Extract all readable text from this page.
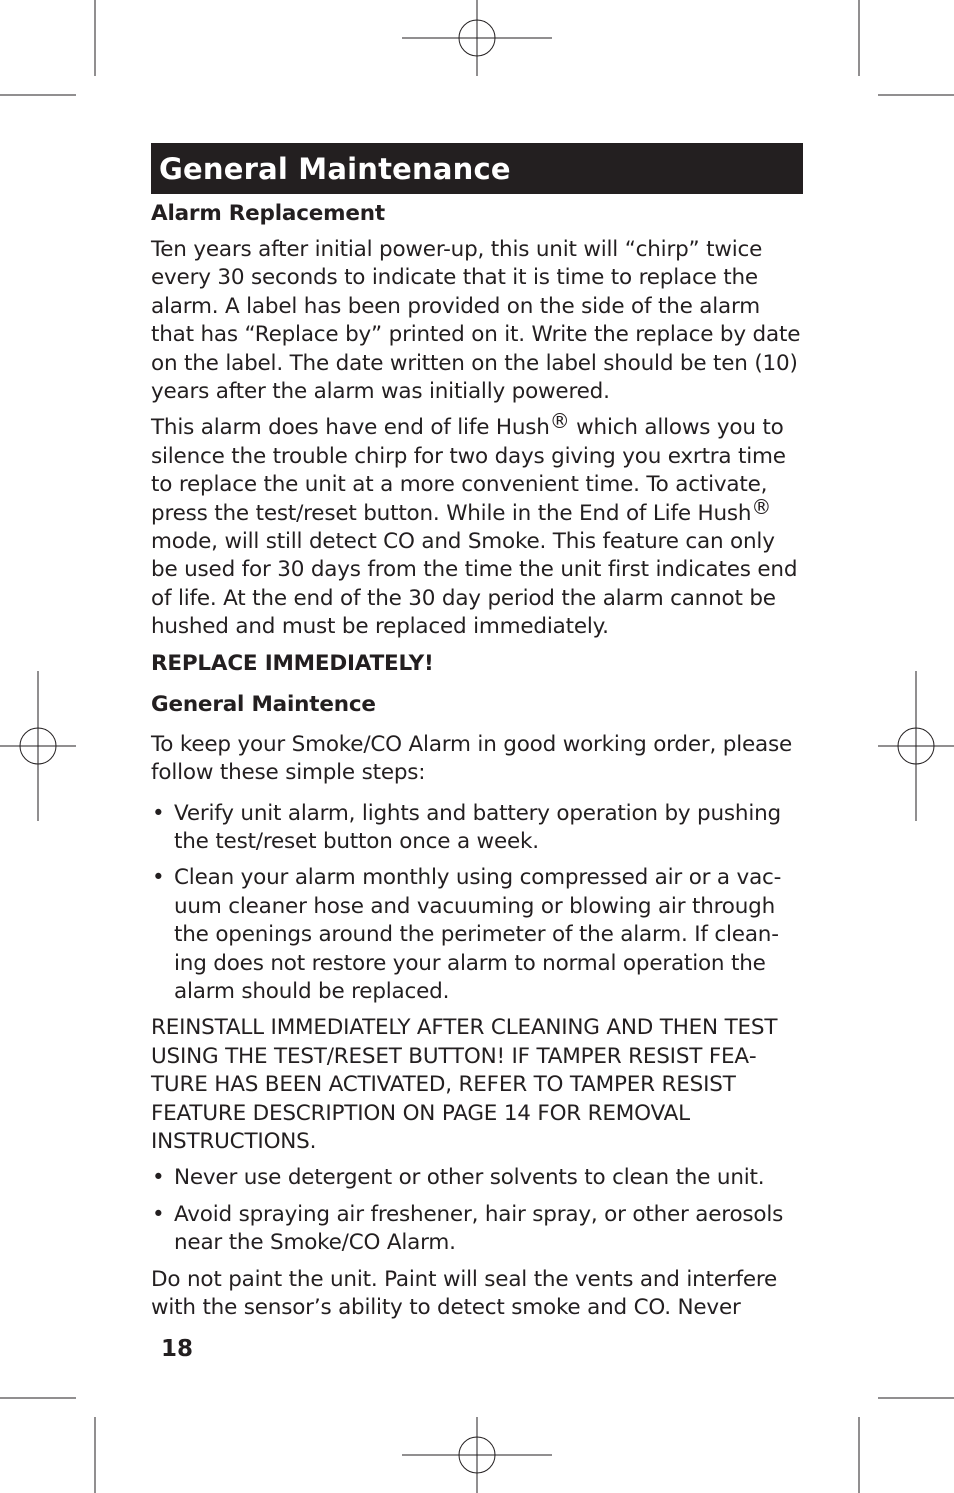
General Maintenance
Alarm Replacement

Ten years after initial power-up, this unit will “chirp” twice every 30 seconds to indicate that it is time to replace the alarm. A label has been provided on the side of the alarm that has “Replace by” printed on it. Write the replace by date on the label. The date written on the label should be ten (10) years after the alarm was initially powered.

This alarm does have end of life Hush® which allows you to silence the trouble chirp for two days giving you exrtra time to replace the unit at a more convenient time. To activate, press the test/reset button. While in the End of Life Hush® mode, will still detect CO and Smoke. This feature can only be used for 30 days from the time the unit first indicates end of life. At the end of the 30 day period the alarm cannot be hushed and must be replaced immediately.

REPLACE IMMEDIATELY!
General Maintence

To keep your Smoke/CO Alarm in good working order, please follow these simple steps:

• Verify unit alarm, lights and battery operation by pushing the test/reset button once a week.
• Clean your alarm monthly using compressed air or a vacuum cleaner hose and vacuuming or blowing air through the openings around the perimeter of the alarm. If cleaning does not restore your alarm to normal operation the alarm should be replaced.

REINSTALL IMMEDIATELY AFTER CLEANING AND THEN TEST USING THE TEST/RESET BUTTON! IF TAMPER RESIST FEATURE HAS BEEN ACTIVATED, REFER TO TAMPER RESIST FEATURE DESCRIPTION ON PAGE 14 FOR REMOVAL INSTRUCTIONS.

• Never use detergent or other solvents to clean the unit.
• Avoid spraying air freshener, hair spray, or other aerosols near the Smoke/CO Alarm.

Do not paint the unit. Paint will seal the vents and interfere with the sensor’s ability to detect smoke and CO. Never

18
